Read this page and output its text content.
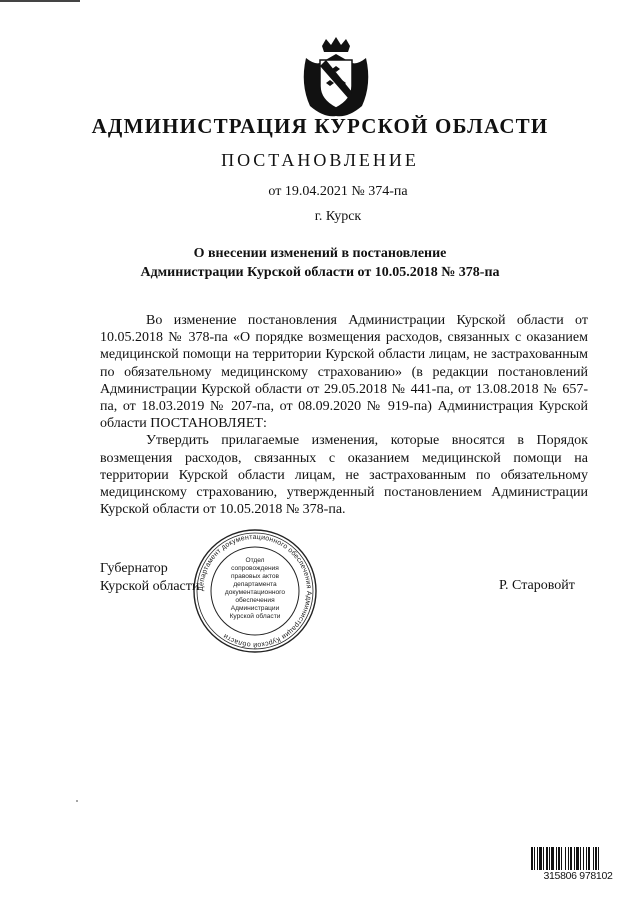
АДМИНИСТРАЦИЯ КУРСКОЙ ОБЛАСТИ
ПОСТАНОВЛЕНИЕ
от 19.04.2021 № 374-па
г. Курск
О внесении изменений в постановление
Администрации Курской области от 10.05.2018 № 378-па

Во изменение постановления Администрации Курской области от 10.05.2018 № 378-па «О порядке возмещения расходов, связанных с оказанием медицинской помощи на территории Курской области лицам, не застрахованным по обязательному медицинскому страхованию» (в редакции постановлений Администрации Курской области от 29.05.2018 № 441-па, от 13.08.2018 № 657-па, от 18.03.2019 № 207-па, от 08.09.2020 № 919-па) Администрация Курской области ПОСТАНОВЛЯЕТ:

Утвердить прилагаемые изменения, которые вносятся в Порядок возмещения расходов, связанных с оказанием медицинской помощи на территории Курской области лицам, не застрахованным по обязательному медицинскому страхованию, утвержденный постановлением Администрации Курской области от 10.05.2018 № 378-па.

Губернатор
Курской области	Р. Старовойт
Департамент документационного обеспечения Администрации Курской области
Отдел
сопровождения
правовых актов
департамента
документационного
обеспечения
Администрации
Курской области
315806 978102
